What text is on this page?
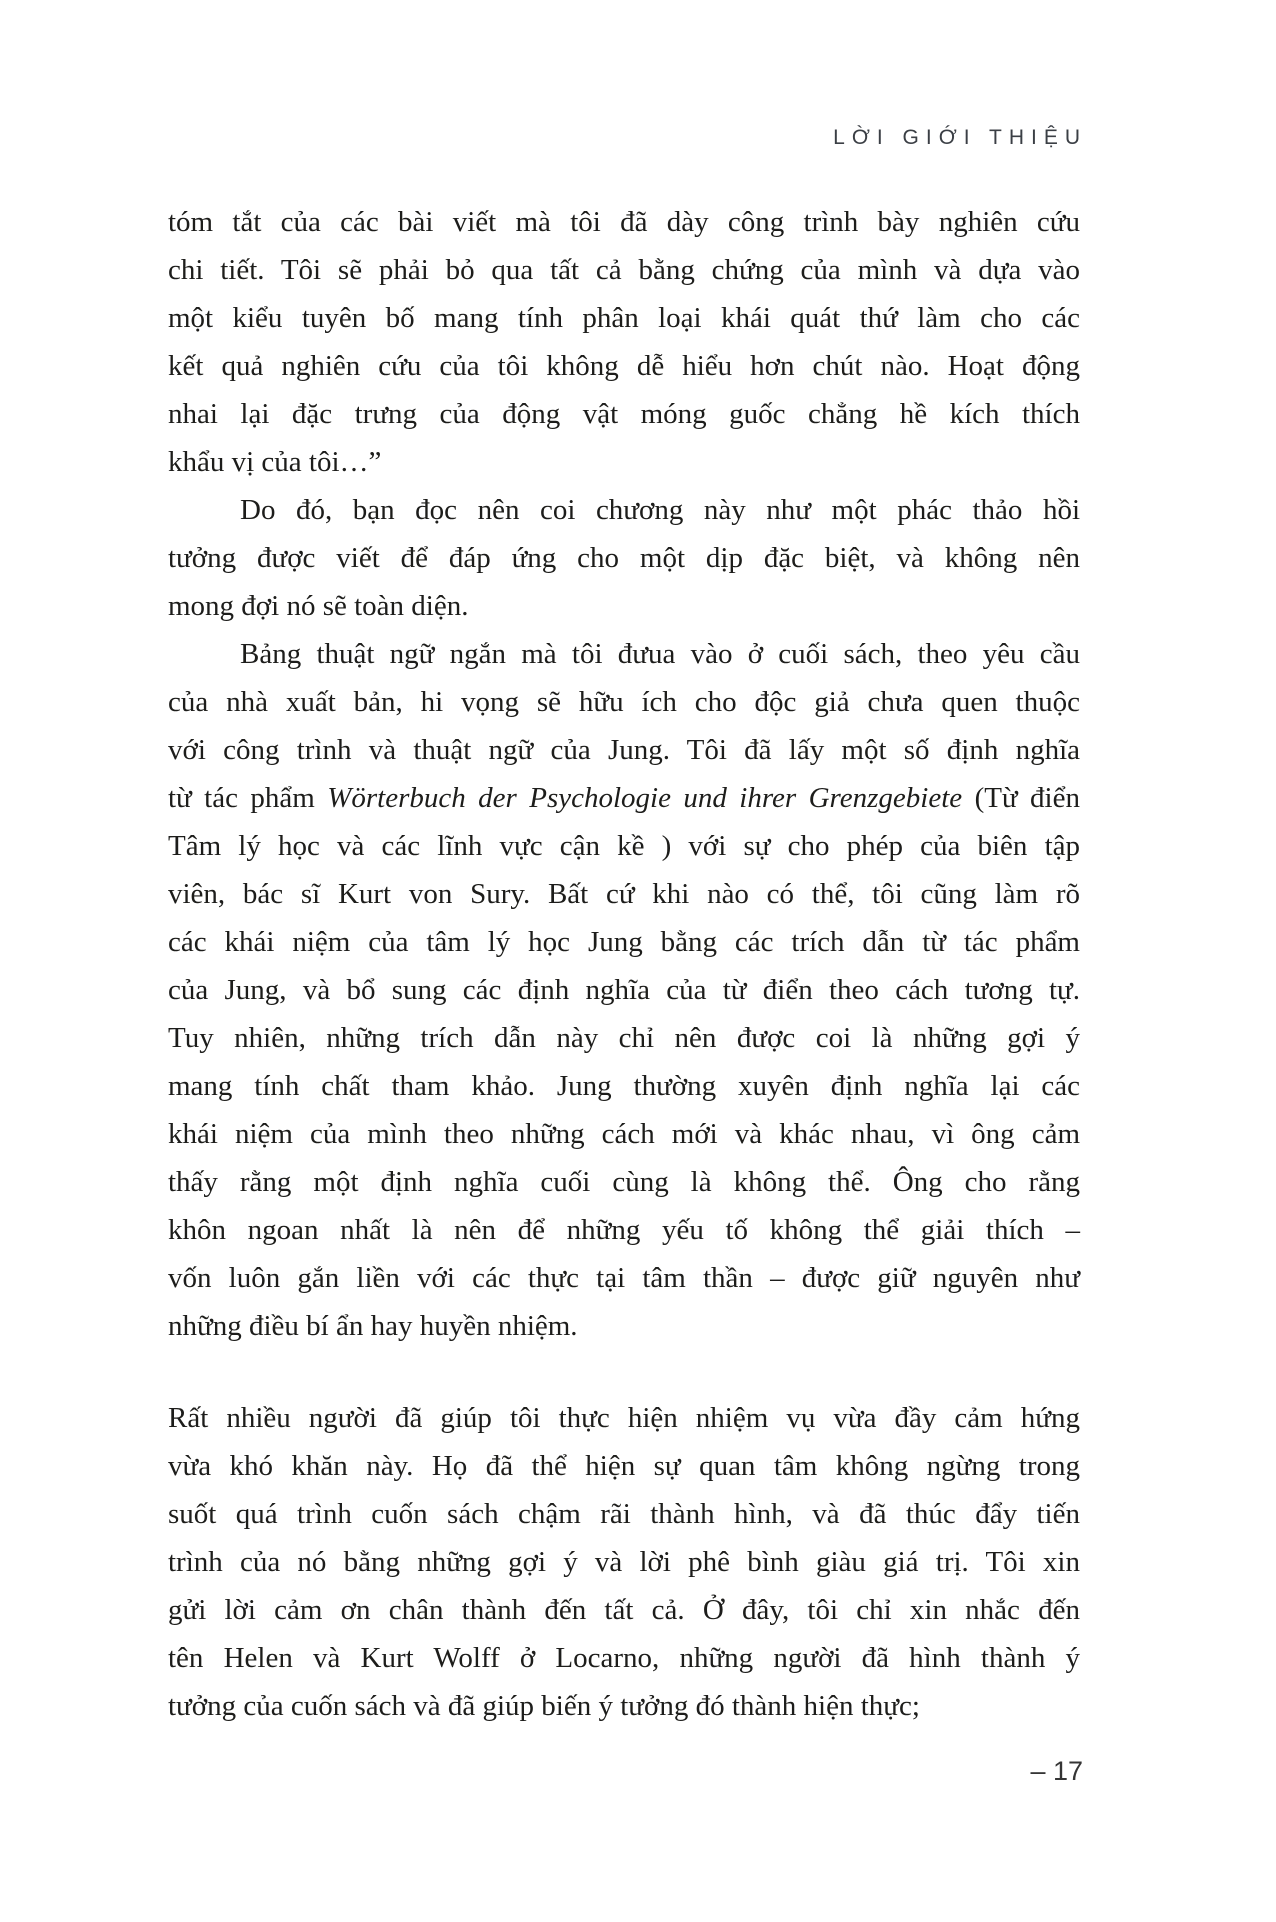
LỜI GIỚI THIỆU
tóm tắt của các bài viết mà tôi đã dày công trình bày nghiên cứu
chi tiết. Tôi sẽ phải bỏ qua tất cả bằng chứng của mình và dựa vào
một kiểu tuyên bố mang tính phân loại khái quát thứ làm cho các
kết quả nghiên cứu của tôi không dễ hiểu hơn chút nào. Hoạt động
nhai lại đặc trưng của động vật móng guốc chẳng hề kích thích
khẩu vị của tôi…”
Do đó, bạn đọc nên coi chương này như một phác thảo hồi
tưởng được viết để đáp ứng cho một dịp đặc biệt, và không nên
mong đợi nó sẽ toàn diện.
Bảng thuật ngữ ngắn mà tôi đưua vào ở cuối sách, theo yêu cầu
của nhà xuất bản, hi vọng sẽ hữu ích cho độc giả chưa quen thuộc
với công trình và thuật ngữ của Jung. Tôi đã lấy một số định nghĩa
từ tác phẩm Wörterbuch der Psychologie und ihrer Grenzgebiete (Từ điển
Tâm lý học và các lĩnh vực cận kề ) với sự cho phép của biên tập
viên, bác sĩ Kurt von Sury. Bất cứ khi nào có thể, tôi cũng làm rõ
các khái niệm của tâm lý học Jung bằng các trích dẫn từ tác phẩm
của Jung, và bổ sung các định nghĩa của từ điển theo cách tương tự.
Tuy nhiên, những trích dẫn này chỉ nên được coi là những gợi ý
mang tính chất tham khảo. Jung thường xuyên định nghĩa lại các
khái niệm của mình theo những cách mới và khác nhau, vì ông cảm
thấy rằng một định nghĩa cuối cùng là không thể. Ông cho rằng
khôn ngoan nhất là nên để những yếu tố không thể giải thích –
vốn luôn gắn liền với các thực tại tâm thần – được giữ nguyên như
những điều bí ẩn hay huyền nhiệm.
Rất nhiều người đã giúp tôi thực hiện nhiệm vụ vừa đầy cảm hứng
vừa khó khăn này. Họ đã thể hiện sự quan tâm không ngừng trong
suốt quá trình cuốn sách chậm rãi thành hình, và đã thúc đẩy tiến
trình của nó bằng những gợi ý và lời phê bình giàu giá trị. Tôi xin
gửi lời cảm ơn chân thành đến tất cả. Ở đây, tôi chỉ xin nhắc đến
tên Helen và Kurt Wolff ở Locarno, những người đã hình thành ý
tưởng của cuốn sách và đã giúp biến ý tưởng đó thành hiện thực;
– 17
